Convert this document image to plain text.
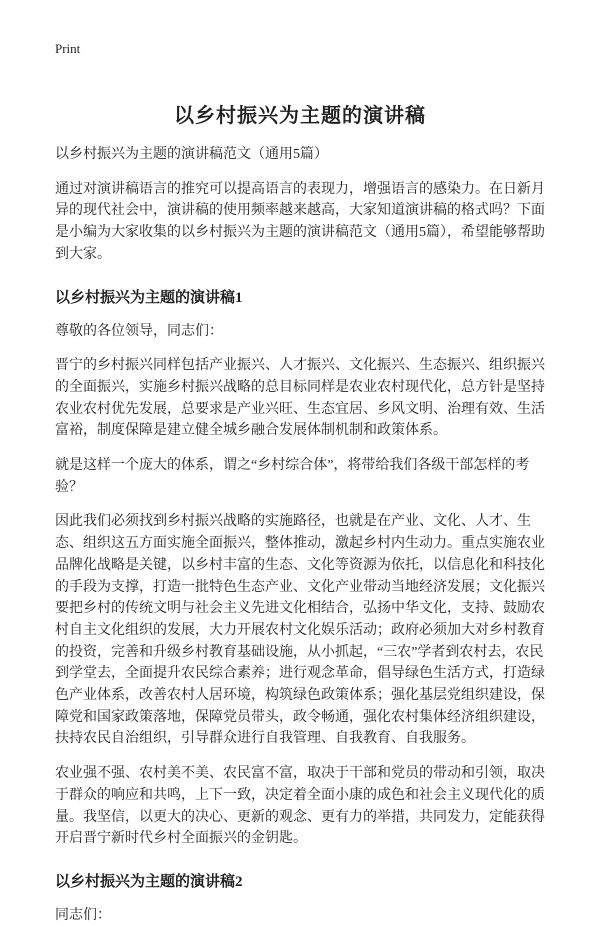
Print
以乡村振兴为主题的演讲稿

以乡村振兴为主题的演讲稿范文（通用5篇）

通过对演讲稿语言的推究可以提高语言的表现力，增强语言的感染力。在日新月异的现代社会中，演讲稿的使用频率越来越高，大家知道演讲稿的格式吗？下面是小编为大家收集的以乡村振兴为主题的演讲稿范文（通用5篇），希望能够帮助到大家。

以乡村振兴为主题的演讲稿1

尊敬的各位领导，同志们：

晋宁的乡村振兴同样包括产业振兴、人才振兴、文化振兴、生态振兴、组织振兴的全面振兴，实施乡村振兴战略的总目标同样是农业农村现代化，总方针是坚持农业农村优先发展，总要求是产业兴旺、生态宜居、乡风文明、治理有效、生活富裕，制度保障是建立健全城乡融合发展体制机制和政策体系。

就是这样一个庞大的体系，谓之“乡村综合体”，将带给我们各级干部怎样的考验？

因此我们必须找到乡村振兴战略的实施路径，也就是在产业、文化、人才、生态、组织这五方面实施全面振兴，整体推动，激起乡村内生动力。重点实施农业品牌化战略是关键，以乡村丰富的生态、文化等资源为依托，以信息化和科技化的手段为支撑，打造一批特色生态产业、文化产业带动当地经济发展；文化振兴要把乡村的传统文明与社会主义先进文化相结合，弘扬中华文化，支持、鼓励农村自主文化组织的发展，大力开展农村文化娱乐活动；政府必须加大对乡村教育的投资，完善和升级乡村教育基础设施，从小抓起，“三农”学者到农村去，农民到学堂去，全面提升农民综合素养；进行观念革命，倡导绿色生活方式，打造绿色产业体系，改善农村人居环境，构筑绿色政策体系；强化基层党组织建设，保障党和国家政策落地，保障党员带头，政令畅通，强化农村集体经济组织建设，扶持农民自治组织，引导群众进行自我管理、自我教育、自我服务。

农业强不强、农村美不美、农民富不富，取决于干部和党员的带动和引领，取决于群众的响应和共鸣，上下一致，决定着全面小康的成色和社会主义现代化的质量。我坚信，以更大的决心、更新的观念、更有力的举措，共同发力，定能获得开启晋宁新时代乡村全面振兴的金钥匙。

以乡村振兴为主题的演讲稿2

同志们：
